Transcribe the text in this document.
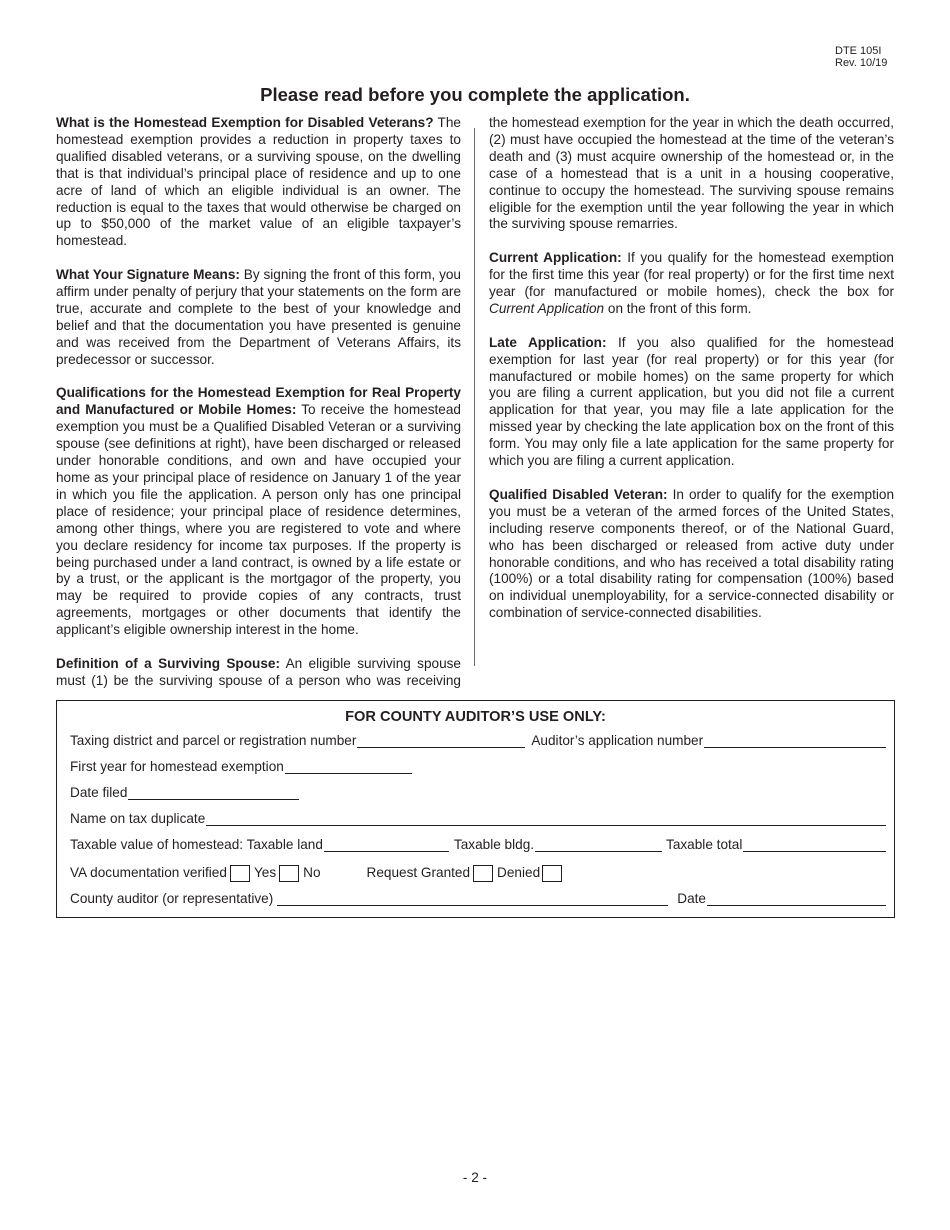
DTE 105I
Rev. 10/19
Please read before you complete the application.

What is the Homestead Exemption for Disabled Veterans? The homestead exemption provides a reduction in property taxes to qualified disabled veterans, or a surviving spouse, on the dwelling that is that individual’s principal place of residence and up to one acre of land of which an eligible individual is an owner. The reduction is equal to the taxes that would otherwise be charged on up to $50,000 of the market value of an eligible taxpayer’s homestead.

What Your Signature Means: By signing the front of this form, you affirm under penalty of perjury that your statements on the form are true, accurate and complete to the best of your knowledge and belief and that the documentation you have presented is genuine and was received from the Department of Veterans Affairs, its predecessor or successor.

Qualifications for the Homestead Exemption for Real Property and Manufactured or Mobile Homes: To receive the homestead exemption you must be a Qualified Disabled Veteran or a surviving spouse (see definitions at right), have been discharged or released under honorable conditions, and own and have occupied your home as your principal place of residence on January 1 of the year in which you file the application. A person only has one principal place of residence; your principal place of residence determines, among other things, where you are registered to vote and where you declare residency for income tax purposes. If the property is being purchased under a land contract, is owned by a life estate or by a trust, or the applicant is the mortgagor of the property, you may be required to provide copies of any contracts, trust agreements, mortgages or other documents that identify the applicant’s eligible ownership interest in the home.

Definition of a Surviving Spouse: An eligible surviving spouse must (1) be the surviving spouse of a person who was receiving

the homestead exemption for the year in which the death occurred, (2) must have occupied the homestead at the time of the veteran’s death and (3) must acquire ownership of the homestead or, in the case of a homestead that is a unit in a housing cooperative, continue to occupy the homestead. The surviving spouse remains eligible for the exemption until the year following the year in which the surviving spouse remarries.

Current Application: If you qualify for the homestead exemption for the first time this year (for real property) or for the first time next year (for manufactured or mobile homes), check the box for Current Application on the front of this form.

Late Application: If you also qualified for the homestead exemption for last year (for real property) or for this year (for manufactured or mobile homes) on the same property for which you are filing a current application, but you did not file a current application for that year, you may file a late application for the missed year by checking the late application box on the front of this form. You may only file a late application for the same property for which you are filing a current application.

Qualified Disabled Veteran: In order to qualify for the exemption you must be a veteran of the armed forces of the United States, including reserve components thereof, or of the National Guard, who has been discharged or released from active duty under honorable conditions, and who has received a total disability rating (100%) or a total disability rating for compensation (100%) based on individual unemployability, for a service-connected disability or combination of service-connected disabilities.

FOR COUNTY AUDITOR’S USE ONLY:
Taxing district and parcel or registration number	Auditor’s application number
First year for homestead exemption
Date filed
Name on tax duplicate
Taxable value of homestead: Taxable land	Taxable bldg.	Taxable total
VA documentation verified Yes No	Request Granted Denied
County auditor (or representative)	Date
- 2 -
